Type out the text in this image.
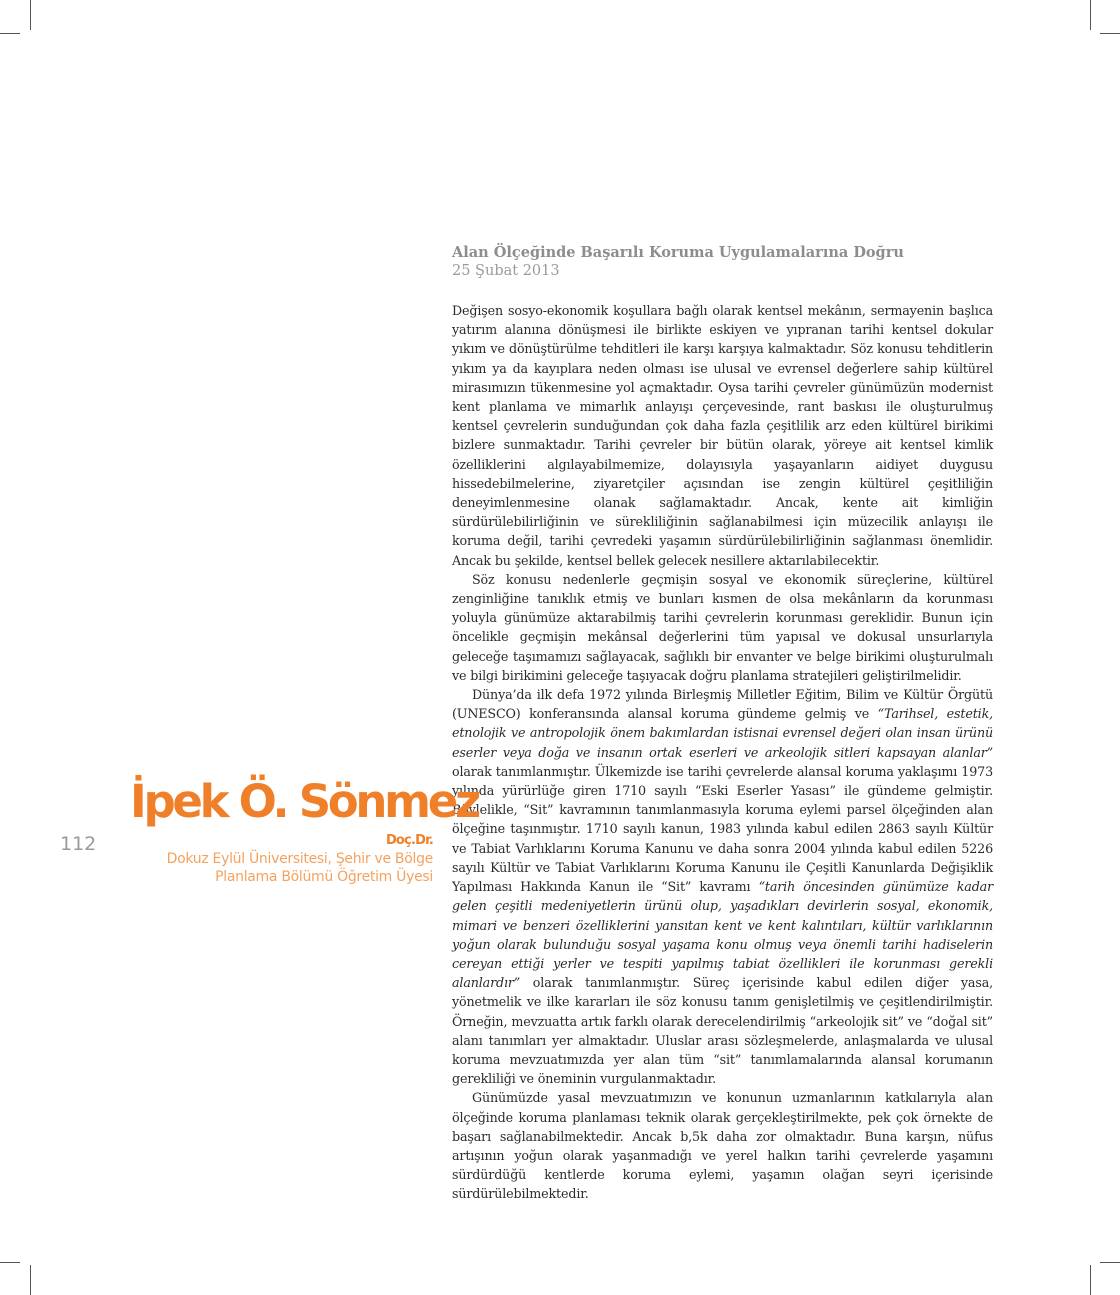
Alan Ölçeğinde Başarılı Koruma Uygulamalarına Doğru
25 Şubat 2013

Değişen sosyo-ekonomik koşullara bağlı olarak kentsel mekânın, sermayenin başlıca yatırım alanına dönüşmesi ile birlikte eskiyen ve yıpranan tarihi kentsel dokular yıkım ve dönüştürülme tehditleri ile karşı karşıya kalmaktadır. Söz konusu tehditlerin yıkım ya da kayıplara neden olması ise ulusal ve evrensel değerlere sahip kültürel mirasımızın tükenmesine yol açmaktadır. Oysa tarihi çevreler günümüzün modernist kent planlama ve mimarlık anlayışı çerçevesinde, rant baskısı ile oluşturulmuş kentsel çevrelerin sunduğundan çok daha fazla çeşitlilik arz eden kültürel birikimi bizlere sunmaktadır. Tarihi çevreler bir bütün olarak, yöreye ait kentsel kimlik özelliklerini algılayabilmemize, dolayısıyla yaşayanların aidiyet duygusu hissedebilmelerine, ziyaretçiler açısından ise zengin kültürel çeşitliliğin deneyimlenmesine olanak sağlamaktadır. Ancak, kente ait kimliğin sürdürülebilirliğinin ve sürekliliğinin sağlanabilmesi için müzecilik anlayışı ile koruma değil, tarihi çevredeki yaşamın sürdürülebilirliğinin sağlanması önemlidir. Ancak bu şekilde, kentsel bellek gelecek nesillere aktarılabilecektir.

Söz konusu nedenlerle geçmişin sosyal ve ekonomik süreçlerine, kültürel zenginliğine tanıklık etmiş ve bunları kısmen de olsa mekânların da korunması yoluyla günümüze aktarabilmiş tarihi çevrelerin korunması gereklidir. Bunun için öncelikle geçmişin mekânsal değerlerini tüm yapısal ve dokusal unsurlarıyla geleceğe taşımamızı sağlayacak, sağlıklı bir envanter ve belge birikimi oluşturulmalı ve bilgi birikimini geleceğe taşıyacak doğru planlama stratejileri geliştirilmelidir.

Dünya’da ilk defa 1972 yılında Birleşmiş Milletler Eğitim, Bilim ve Kültür Örgütü (UNESCO) konferansında alansal koruma gündeme gelmiş ve “Tarihsel, estetik, etnolojik ve antropolojik önem bakımlardan istisnai evrensel değeri olan insan ürünü eserler veya doğa ve insanın ortak eserleri ve arkeolojik sitleri kapsayan alanlar” olarak tanımlanmıştır. Ülkemizde ise tarihi çevrelerde alansal koruma yaklaşımı 1973 yılında yürürlüğe giren 1710 sayılı “Eski Eserler Yasası” ile gündeme gelmiştir. Böylelikle, “Sit” kavramının tanımlanmasıyla koruma eylemi parsel ölçeğinden alan ölçeğine taşınmıştır. 1710 sayılı kanun, 1983 yılında kabul edilen 2863 sayılı Kültür ve Tabiat Varlıklarını Koruma Kanunu ve daha sonra 2004 yılında kabul edilen 5226 sayılı Kültür ve Tabiat Varlıklarını Koruma Kanunu ile Çeşitli Kanunlarda Değişiklik Yapılması Hakkında Kanun ile “Sit” kavramı “tarih öncesinden günümüze kadar gelen çeşitli medeniyetlerin ürünü olup, yaşadıkları devirlerin sosyal, ekonomik, mimari ve benzeri özelliklerini yansıtan kent ve kent kalıntıları, kültür varlıklarının yoğun olarak bulunduğu sosyal yaşama konu olmuş veya önemli tarihi hadiselerin cereyan ettiği yerler ve tespiti yapılmış tabiat özellikleri ile korunması gerekli alanlardır” olarak tanımlanmıştır. Süreç içerisinde kabul edilen diğer yasa, yönetmelik ve ilke kararları ile söz konusu tanım genişletilmiş ve çeşitlendirilmiştir. Örneğin, mevzuatta artık farklı olarak derecelendirilmiş “arkeolojik sit” ve “doğal sit” alanı tanımları yer almaktadır. Uluslar arası sözleşmelerde, anlaşmalarda ve ulusal koruma mevzuatımızda yer alan tüm “sit” tanımlamalarında alansal korumanın gerekliliği ve öneminin vurgulanmaktadır.

Günümüzde yasal mevzuatımızın ve konunun uzmanlarının katkılarıyla alan ölçeğinde koruma planlaması teknik olarak gerçekleştirilmekte, pek çok örnekte de başarı sağlanabilmektedir. Ancak b,5k daha zor olmaktadır. Buna karşın, nüfus artışının yoğun olarak yaşanmadığı ve yerel halkın tarihi çevrelerde yaşamını sürdürdüğü kentlerde koruma eylemi, yaşamın olağan seyri içerisinde sürdürülebilmektedir.

112
İpek Ö. SönmezDoç.Dr.
Dokuz Eylül Üniversitesi, Şehir ve Bölge
Planlama Bölümü Öğretim Üyesi
